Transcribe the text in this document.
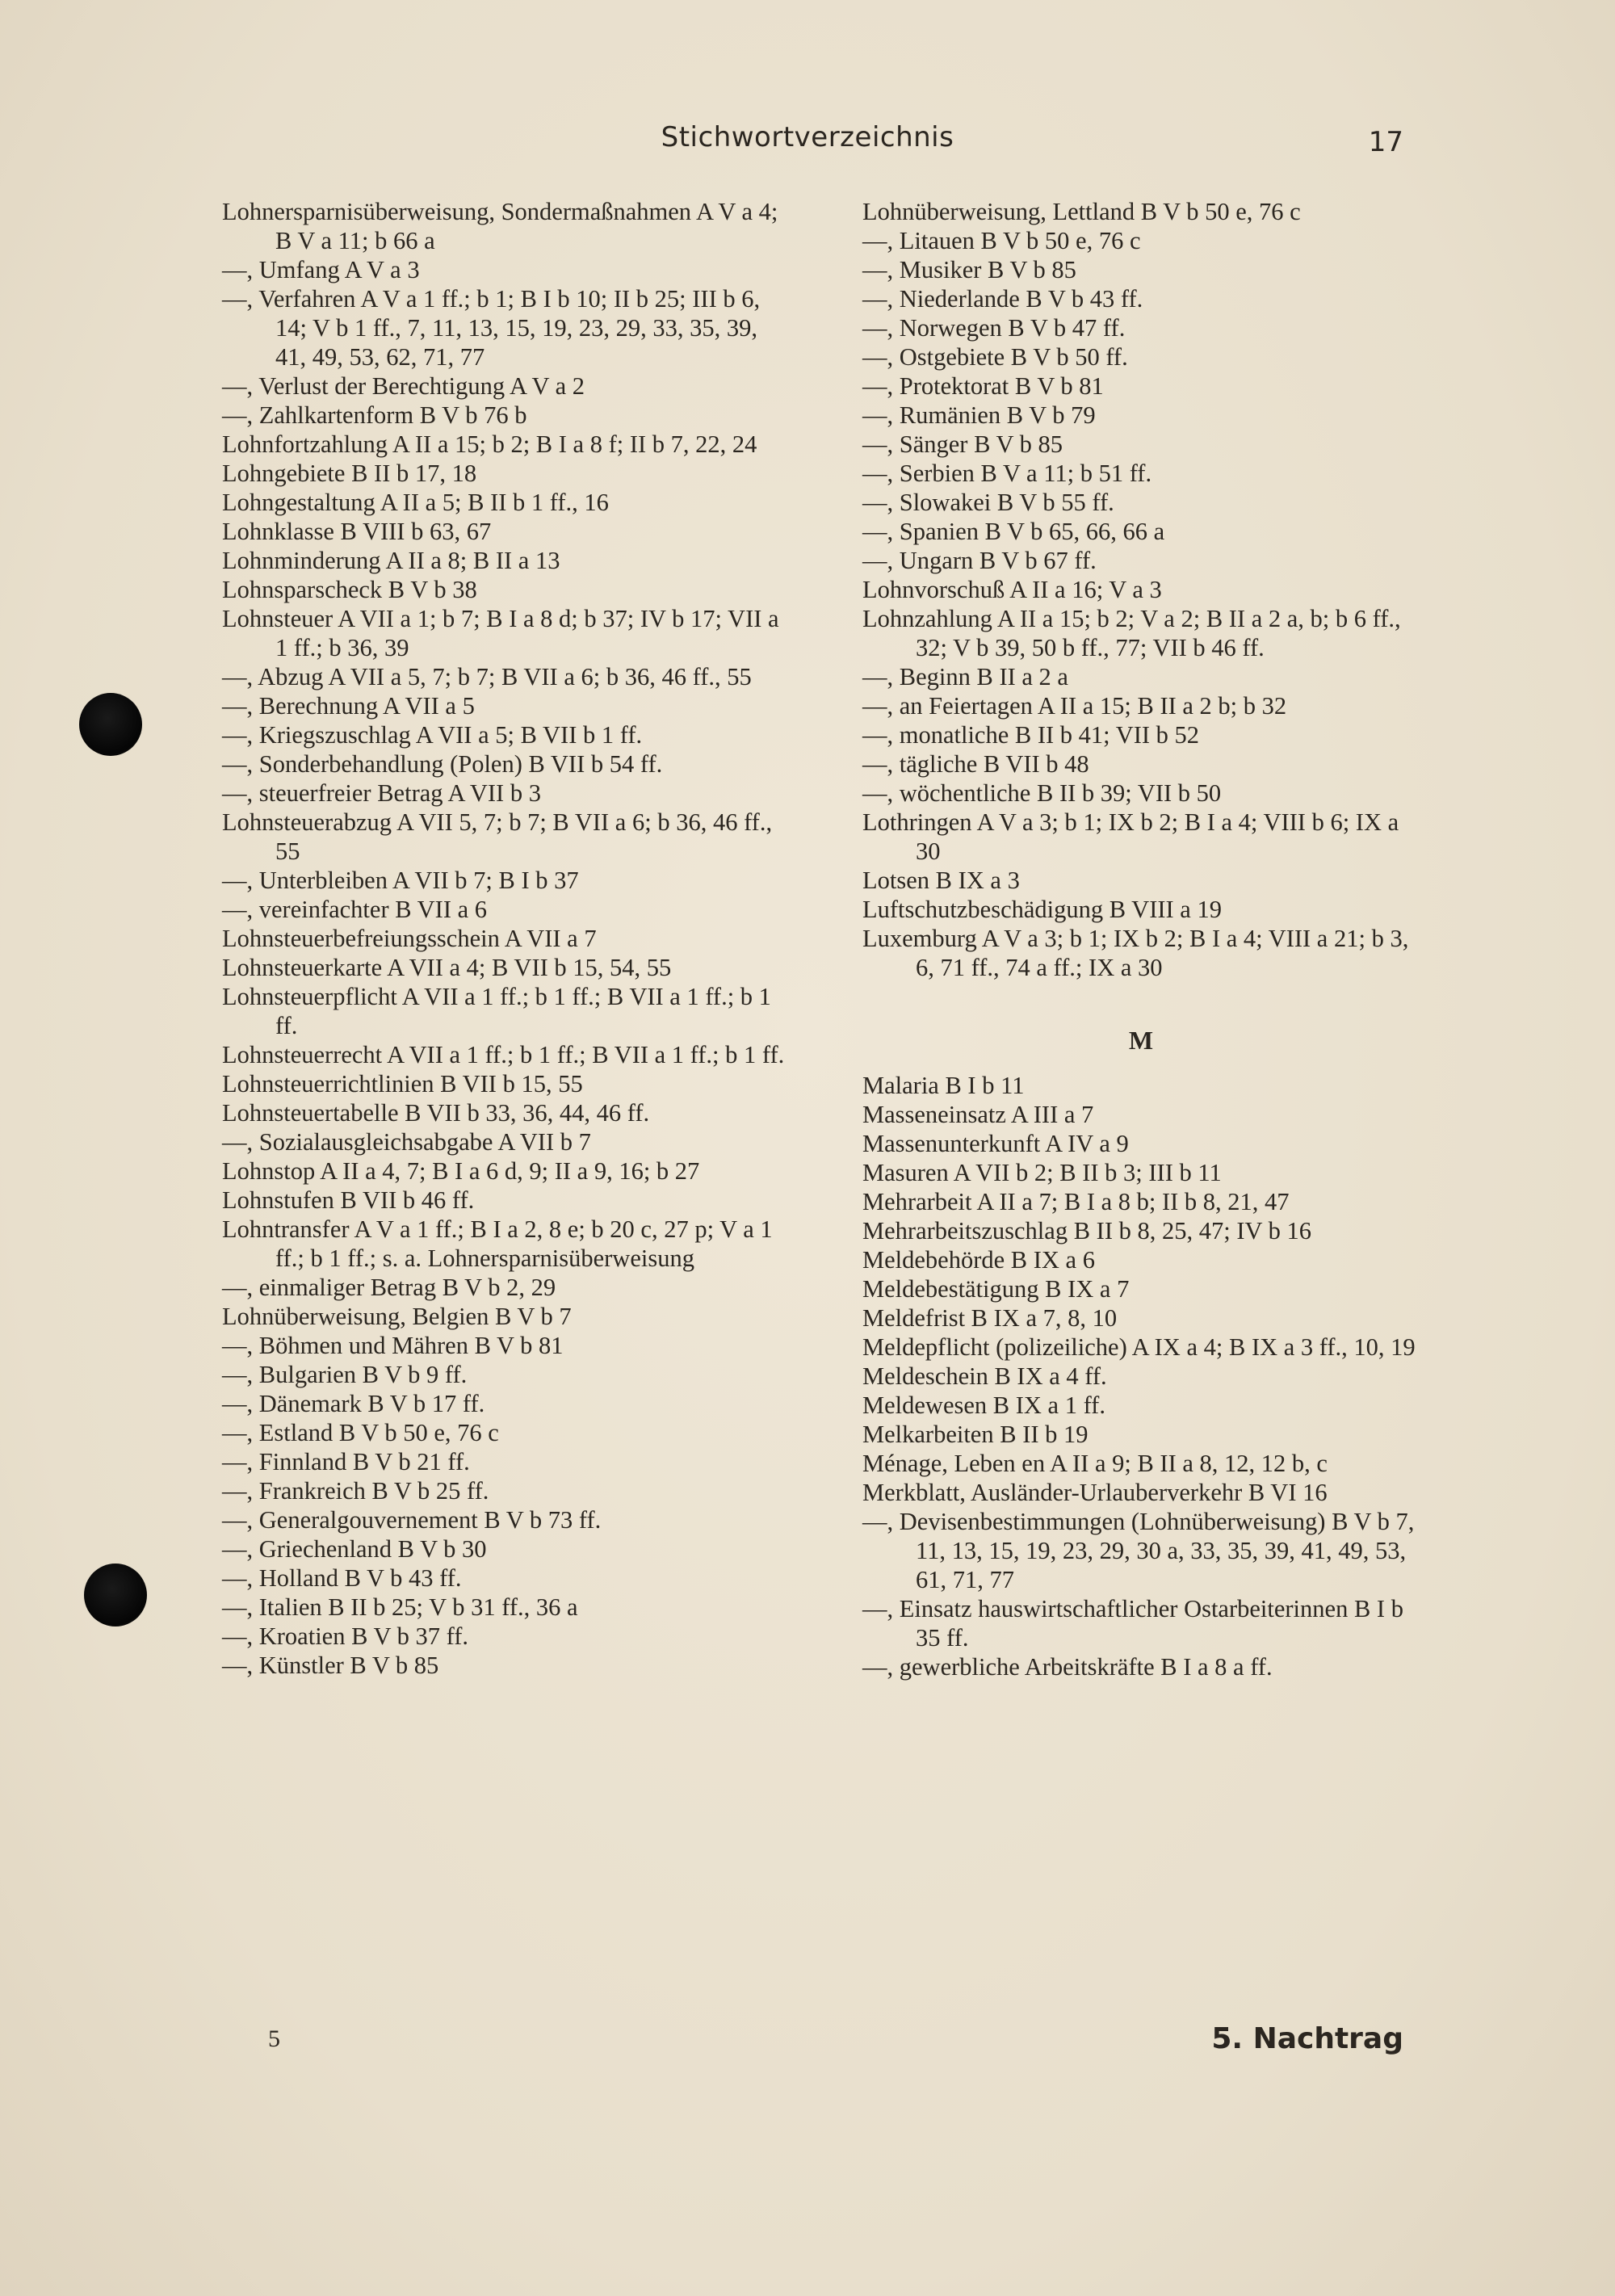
Stichwortverzeichnis	17
Lohnersparnisüberweisung, Sondermaßnahmen A V a 4; B V a 11; b 66 a
—, Umfang A V a 3
—, Verfahren A V a 1 ff.; b 1; B I b 10; II b 25; III b 6, 14; V b 1 ff., 7, 11, 13, 15, 19, 23, 29, 33, 35, 39, 41, 49, 53, 62, 71, 77
—, Verlust der Berechtigung A V a 2
—, Zahlkartenform B V b 76 b
Lohnfortzahlung A II a 15; b 2; B I a 8 f; II b 7, 22, 24
Lohngebiete B II b 17, 18
Lohngestaltung A II a 5; B II b 1 ff., 16
Lohnklasse B VIII b 63, 67
Lohnminderung A II a 8; B II a 13
Lohnsparscheck B V b 38
Lohnsteuer A VII a 1; b 7; B I a 8 d; b 37; IV b 17; VII a 1 ff.; b 36, 39
—, Abzug A VII a 5, 7; b 7; B VII a 6; b 36, 46 ff., 55
—, Berechnung A VII a 5
—, Kriegszuschlag A VII a 5; B VII b 1 ff.
—, Sonderbehandlung (Polen) B VII b 54 ff.
—, steuerfreier Betrag A VII b 3
Lohnsteuerabzug A VII 5, 7; b 7; B VII a 6; b 36, 46 ff., 55
—, Unterbleiben A VII b 7; B I b 37
—, vereinfachter B VII a 6
Lohnsteuerbefreiungsschein A VII a 7
Lohnsteuerkarte A VII a 4; B VII b 15, 54, 55
Lohnsteuerpflicht A VII a 1 ff.; b 1 ff.; B VII a 1 ff.; b 1 ff.
Lohnsteuerrecht A VII a 1 ff.; b 1 ff.; B VII a 1 ff.; b 1 ff.
Lohnsteuerrichtlinien B VII b 15, 55
Lohnsteuertabelle B VII b 33, 36, 44, 46 ff.
—, Sozialausgleichsabgabe A VII b 7
Lohnstop A II a 4, 7; B I a 6 d, 9; II a 9, 16; b 27
Lohnstufen B VII b 46 ff.
Lohntransfer A V a 1 ff.; B I a 2, 8 e; b 20 c, 27 p; V a 1 ff.; b 1 ff.; s. a. Lohnersparnisüberweisung
—, einmaliger Betrag B V b 2, 29
Lohnüberweisung, Belgien B V b 7
—, Böhmen und Mähren B V b 81
—, Bulgarien B V b 9 ff.
—, Dänemark B V b 17 ff.
—, Estland B V b 50 e, 76 c
—, Finnland B V b 21 ff.
—, Frankreich B V b 25 ff.
—, Generalgouvernement B V b 73 ff.
—, Griechenland B V b 30
—, Holland B V b 43 ff.
—, Italien B II b 25; V b 31 ff., 36 a
—, Kroatien B V b 37 ff.
—, Künstler B V b 85
Lohnüberweisung, Lettland B V b 50 e, 76 c
—, Litauen B V b 50 e, 76 c
—, Musiker B V b 85
—, Niederlande B V b 43 ff.
—, Norwegen B V b 47 ff.
—, Ostgebiete B V b 50 ff.
—, Protektorat B V b 81
—, Rumänien B V b 79
—, Sänger B V b 85
—, Serbien B V a 11; b 51 ff.
—, Slowakei B V b 55 ff.
—, Spanien B V b 65, 66, 66 a
—, Ungarn B V b 67 ff.
Lohnvorschuß A II a 16; V a 3
Lohnzahlung A II a 15; b 2; V a 2; B II a 2 a, b; b 6 ff., 32; V b 39, 50 b ff., 77; VII b 46 ff.
—, Beginn B II a 2 a
—, an Feiertagen A II a 15; B II a 2 b; b 32
—, monatliche B II b 41; VII b 52
—, tägliche B VII b 48
—, wöchentliche B II b 39; VII b 50
Lothringen A V a 3; b 1; IX b 2; B I a 4; VIII b 6; IX a 30
Lotsen B IX a 3
Luftschutzbeschädigung B VIII a 19
Luxemburg A V a 3; b 1; IX b 2; B I a 4; VIII a 21; b 3, 6, 71 ff., 74 a ff.; IX a 30
M
Malaria B I b 11
Masseneinsatz A III a 7
Massenunterkunft A IV a 9
Masuren A VII b 2; B II b 3; III b 11
Mehrarbeit A II a 7; B I a 8 b; II b 8, 21, 47
Mehrarbeitszuschlag B II b 8, 25, 47; IV b 16
Meldebehörde B IX a 6
Meldebestätigung B IX a 7
Meldefrist B IX a 7, 8, 10
Meldepflicht (polizeiliche) A IX a 4; B IX a 3 ff., 10, 19
Meldeschein B IX a 4 ff.
Meldewesen B IX a 1 ff.
Melkarbeiten B II b 19
Ménage, Leben en A II a 9; B II a 8, 12, 12 b, c
Merkblatt, Ausländer-Urlauberverkehr B VI 16
—, Devisenbestimmungen (Lohnüberweisung) B V b 7, 11, 13, 15, 19, 23, 29, 30 a, 33, 35, 39, 41, 49, 53, 61, 71, 77
—, Einsatz hauswirtschaftlicher Ostarbeiterinnen B I b 35 ff.
—, gewerbliche Arbeitskräfte B I a 8 a ff.
5	5. Nachtrag
